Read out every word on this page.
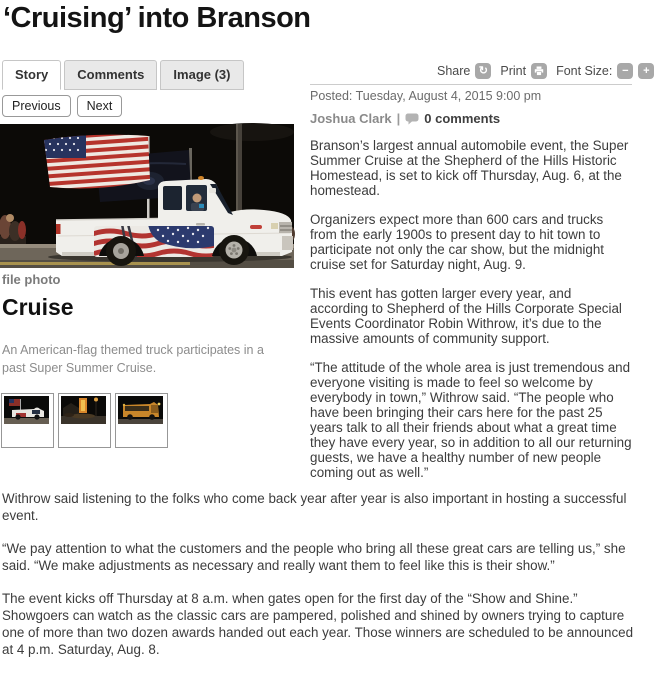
‘Cruising’ into Branson
Story	Comments	Image (3)	Share ↻ Print Font Size: − +
Previous	Next
file photo
Cruise
An American-flag themed truck participates in a past Super Summer Cruise.
Posted: Tuesday, August 4, 2015 9:00 pm
Joshua Clark | 0 comments

Branson’s largest annual automobile event, the Super Summer Cruise at the Shepherd of the Hills Historic Homestead, is set to kick off Thursday, Aug. 6, at the homestead.

Organizers expect more than 600 cars and trucks from the early 1900s to present day to hit town to participate not only the car show, but the midnight cruise set for Saturday night, Aug. 9.

This event has gotten larger every year, and according to Shepherd of the Hills Corporate Special Events Coordinator Robin Withrow, it’s due to the massive amounts of community support.

“The attitude of the whole area is just tremendous and everyone visiting is made to feel so welcome by everybody in town,” Withrow said. “The people who have been bringing their cars here for the past 25 years talk to all their friends about what a great time they have every year, so in addition to all our returning guests, we have a healthy number of new people coming out as well.”

Withrow said listening to the folks who come back year after year is also important in hosting a successful event.

“We pay attention to what the customers and the people who bring all these great cars are telling us,” she said. “We make adjustments as necessary and really want them to feel like this is their show.”

The event kicks off Thursday at 8 a.m. when gates open for the first day of the “Show and Shine.” Showgoers can watch as the classic cars are pampered, polished and shined by owners trying to capture one of more than two dozen awards handed out each year. Those winners are scheduled to be announced at 4 p.m. Saturday, Aug. 8.
